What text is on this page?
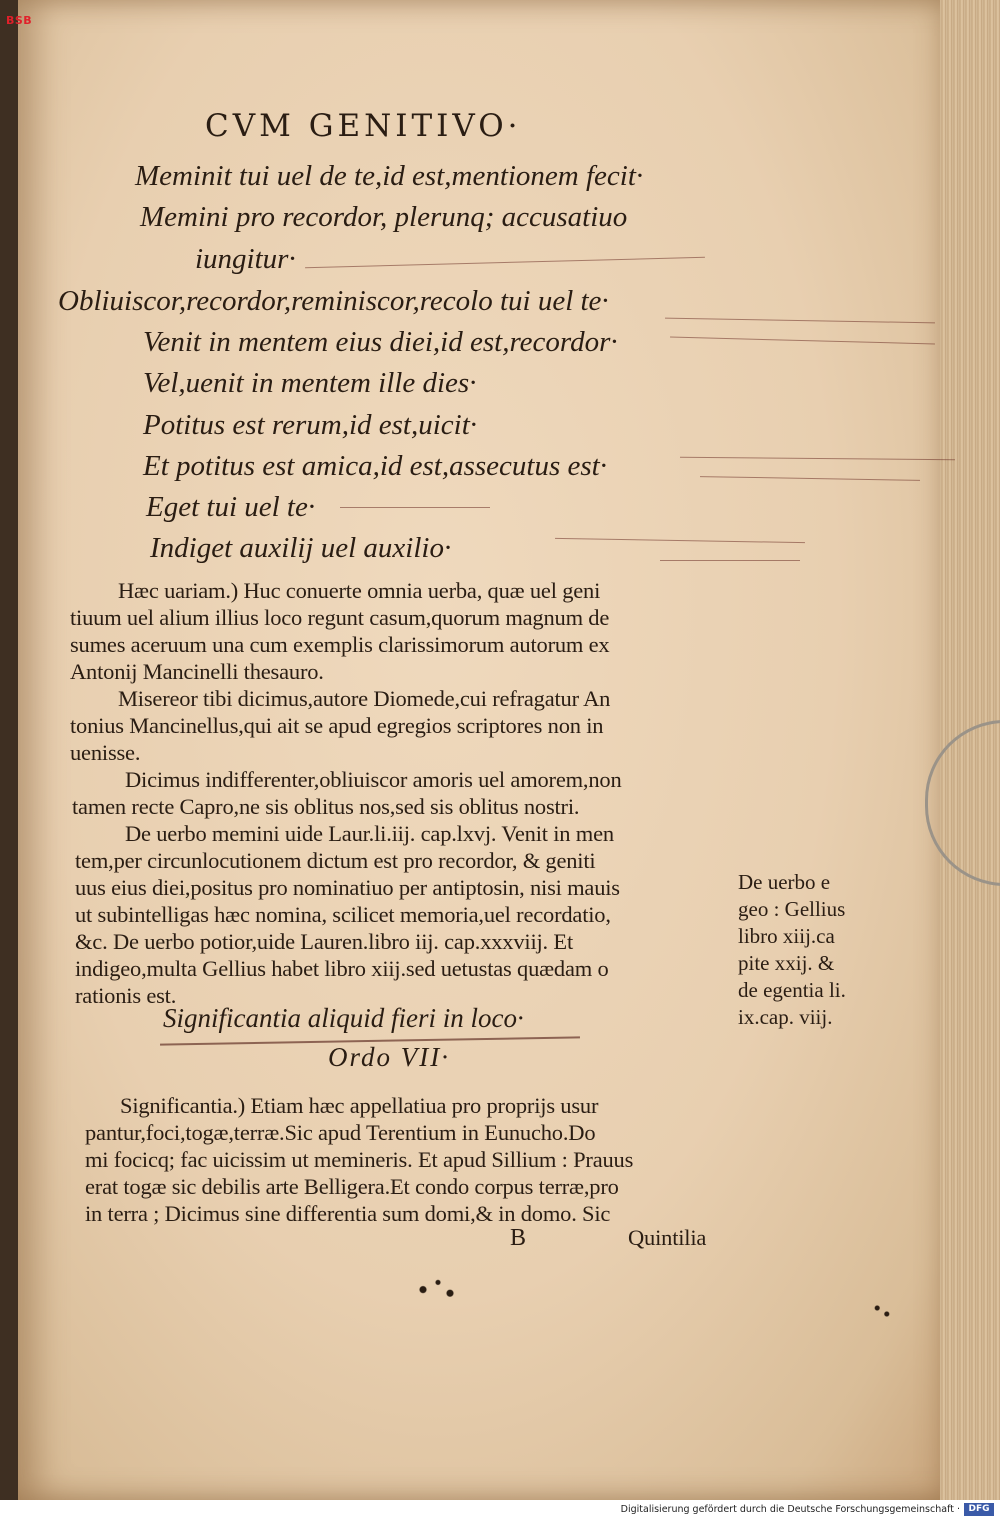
BSB
CVM GENITIVO·
Meminit tui uel de te,id est,mentionem fecit·
Memini pro recordor, plerunq; accusatiuo
iungitur·
Obliuiscor,recordor,reminiscor,recolo tui uel te·
Venit in mentem eius diei,id est,recordor·
Vel,uenit in mentem ille dies·
Potitus est rerum,id est,uicit·
Et potitus est amica,id est,assecutus est·
Eget tui uel te·
Indiget auxilij uel auxilio·
Hæc uariam.) Huc conuerte omnia uerba, quæ uel geni
tiuum uel alium illius loco regunt casum,quorum magnum de
sumes aceruum una cum exemplis clarissimorum autorum ex
Antonij Mancinelli thesauro.
Misereor tibi dicimus,autore Diomede,cui refragatur An
tonius Mancinellus,qui ait se apud egregios scriptores non in
uenisse.
Dicimus indifferenter,obliuiscor amoris uel amorem,non
tamen recte Capro,ne sis oblitus nos,sed sis oblitus nostri.
De uerbo memini uide Laur.li.iij. cap.lxvj. Venit in men
tem,per circunlocutionem dictum est pro recordor, & geniti
uus eius diei,positus pro nominatiuo per antiptosin, nisi mauis
ut subintelligas hæc nomina, scilicet memoria,uel recordatio,
&c. De uerbo potior,uide Lauren.libro iij. cap.xxxviij. Et
indigeo,multa Gellius habet libro xiij.sed uetustas quædam o
rationis est.
De uerbo e
geo : Gellius
libro xiij.ca
pite xxij. &
de egentia li.
ix.cap. viij.
Significantia aliquid fieri in loco·
Ordo VII·
Significantia.) Etiam hæc appellatiua pro proprijs usur
pantur,foci,togæ,terræ.Sic apud Terentium in Eunucho.Do
mi focicq; fac uicissim ut memineris. Et apud Sillium : Prauus
erat togæ sic debilis arte Belligera.Et condo corpus terræ,pro
in terra ; Dicimus sine differentia sum domi,& in domo. Sic
B	Quintilia
Digitalisierung gefördert durch die Deutsche Forschungsgemeinschaft · DFG
